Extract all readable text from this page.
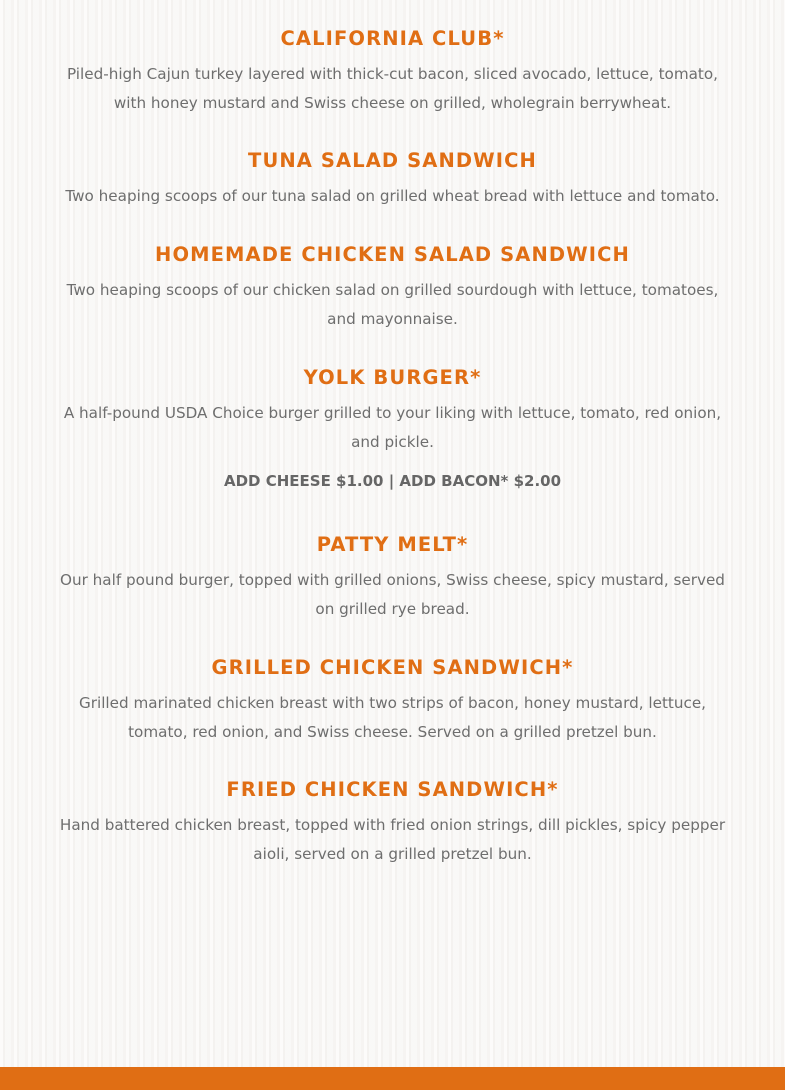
CALIFORNIA CLUB*

Piled-high Cajun turkey layered with thick-cut bacon, sliced avocado, lettuce, tomato,
with honey mustard and Swiss cheese on grilled, wholegrain berrywheat.

TUNA SALAD SANDWICH

Two heaping scoops of our tuna salad on grilled wheat bread with lettuce and tomato.

HOMEMADE CHICKEN SALAD SANDWICH

Two heaping scoops of our chicken salad on grilled sourdough with lettuce, tomatoes,
and mayonnaise.

YOLK BURGER*

A half-pound USDA Choice burger grilled to your liking with lettuce, tomato, red onion,
and pickle.

ADD CHEESE $1.00 | ADD BACON* $2.00

PATTY MELT*

Our half pound burger, topped with grilled onions, Swiss cheese, spicy mustard, served
on grilled rye bread.

GRILLED CHICKEN SANDWICH*

Grilled marinated chicken breast with two strips of bacon, honey mustard, lettuce,
tomato, red onion, and Swiss cheese. Served on a grilled pretzel bun.

FRIED CHICKEN SANDWICH*

Hand battered chicken breast, topped with fried onion strings, dill pickles, spicy pepper
aioli, served on a grilled pretzel bun.
